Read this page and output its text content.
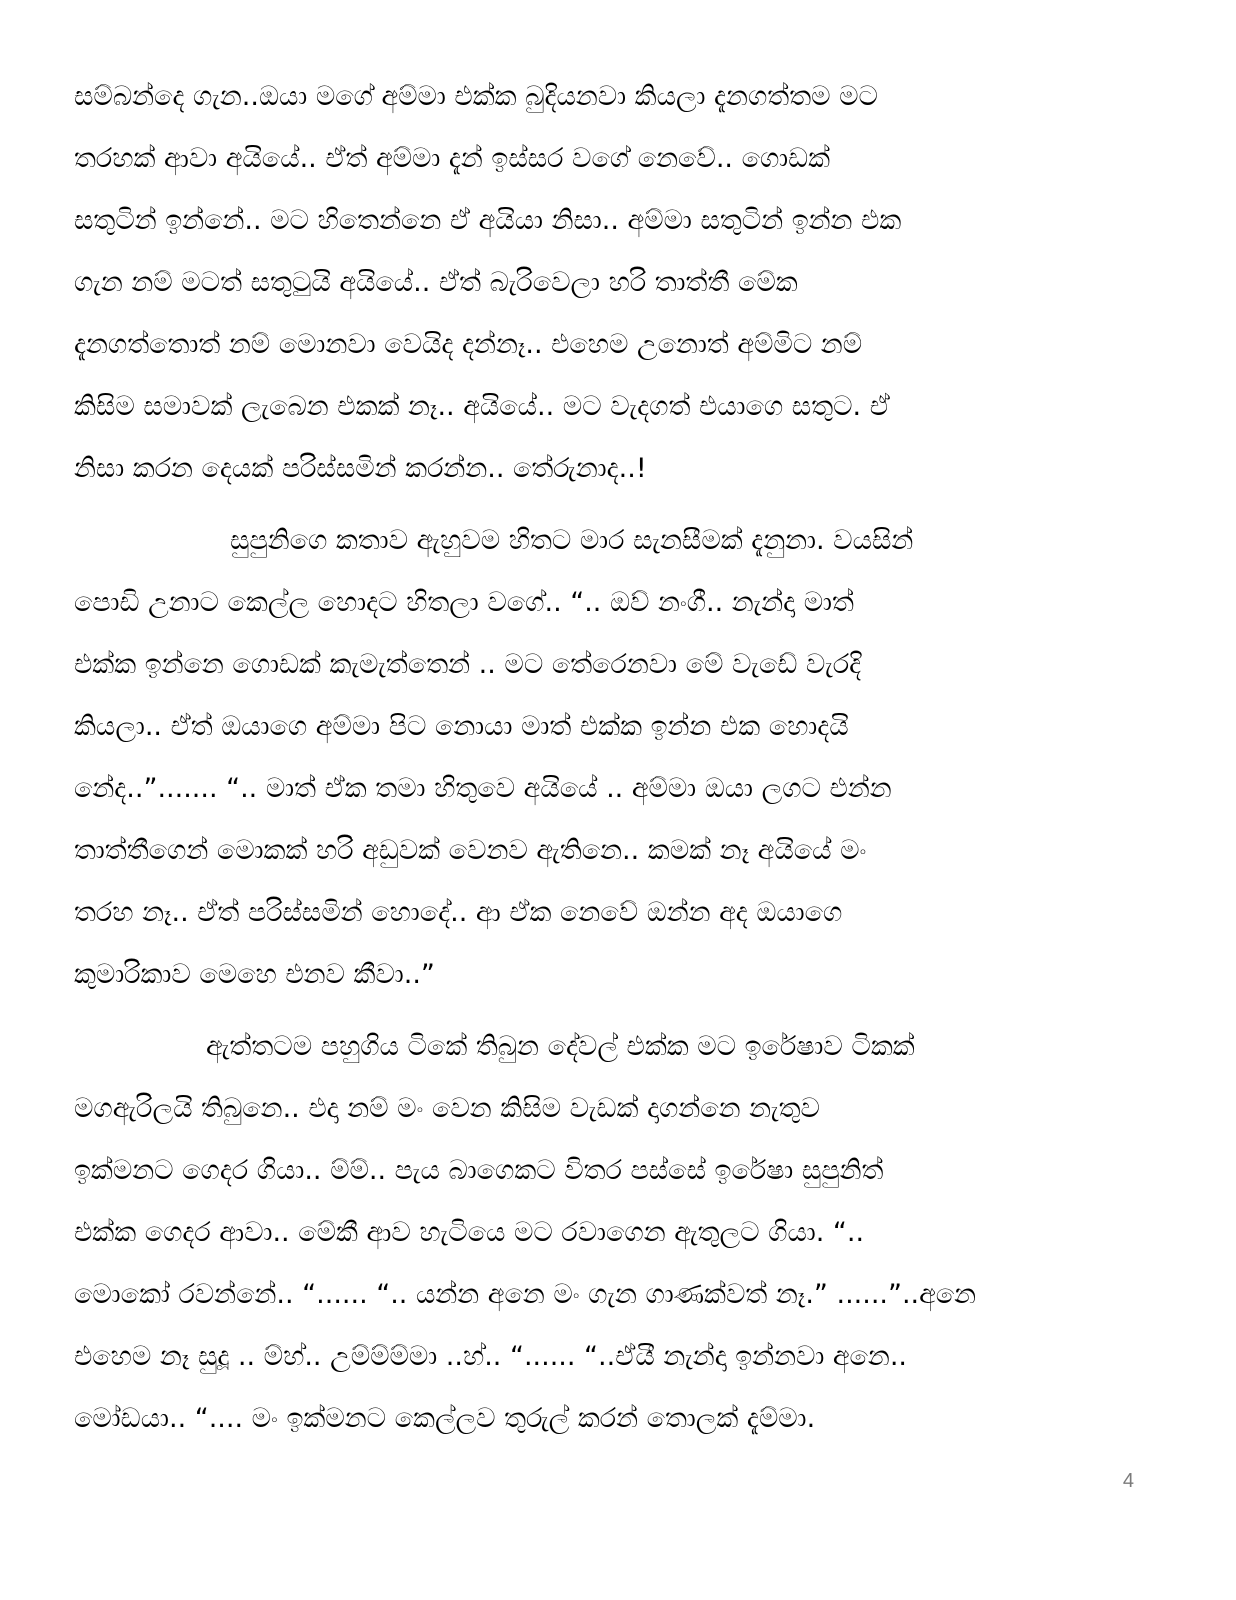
සම්බන්දෙ ගැන..ඔයා මගේ අම්මා එක්ක බුදියනවා කියලා දැනගත්තම මට
තරහක් ආවා අයියේ.. ඒත් අම්මා දැන් ඉස්සර වගේ නෙවේ.. ගොඩක්
සතුටින් ඉන්නේ.. මට හිතෙන්නෙ ඒ අයියා නිසා.. අම්මා සතුටින් ඉන්න එක
ගැන නම් මටත් සතුටුයි අයියේ.. ඒත් බැරිවෙලා හරි තාත්තී මේක
දැනගත්තොත් නම් මොනවා වෙයිද දන්නෑ.. එහෙම උනොත් අම්මිට නම්
කිසිම සමාවක් ලැබෙන එකක් නෑ.. අයියේ.. මට වැදගත් එයාගෙ සතුට. ඒ
නිසා කරන දෙයක් පරිස්සමින් කරන්න.. තේරුනාද..!
සුපුනිගෙ කතාව ඇහුවම හිතට මාර සැනසීමක් දැනුනා. වයසින්
පොඩි උනාට කෙල්ල හොදට හිතලා වගේ.. “.. ඔව් නංගී.. නැන්දා මාත්
එක්ක ඉන්නෙ ගොඩක් කැමැත්තෙන් .. මට තේරෙනවා මේ වැඩේ වැරදි
කියලා.. ඒත් ඔයාගෙ අම්මා පිට නොයා මාත් එක්ක ඉන්න එක හොදයි
නේද..”....... “.. මාත් ඒක තමා හිතුවෙ අයියේ .. අම්මා ඔයා ලගට එන්න
තාත්තීගෙන් මොකක් හරි අඩුවක් වෙනව ඇතිනෙ.. කමක් නෑ අයියේ මං
තරහ නෑ.. ඒත් පරිස්සමින් හොදේ.. ආ ඒක නෙවේ ඔන්න අද ඔයාගෙ
කුමාරිකාව මෙහෙ එනව කීවා..”
ඇත්තටම පහුගිය ටිකේ තිබුන දේවල් එක්ක මට ඉරේෂාව ටිකක්
මගඇරිලයි තිබුනෙ.. එදා නම් මං වෙන කිසිම වැඩක් දාගන්නෙ නැතුව
ඉක්මනට ගෙදර ගියා.. ම්ම්.. පැය බාගෙකට විතර පස්සේ ඉරේෂා සුපුනිත්
එක්ක ගෙදර ආවා.. මේකී ආව හැටියෙ මට රවාගෙන ඇතුලට ගියා. “..
මොකෝ රවන්නේ.. “...... “.. යන්න අනෙ මං ගැන ගාණක්වත් නෑ.” ......”..අනෙ
එහෙම නෑ සුදූ .. ම්හ්.. උම්ම්ම්මා ..හ්.. “...... “..ඒයී නැන්දා ඉන්නවා අනෙ..
මෝඩයා.. “.... මං ඉක්මනට කෙල්ලව තුරුල් කරන් තොලක් දැම්මා.
4
